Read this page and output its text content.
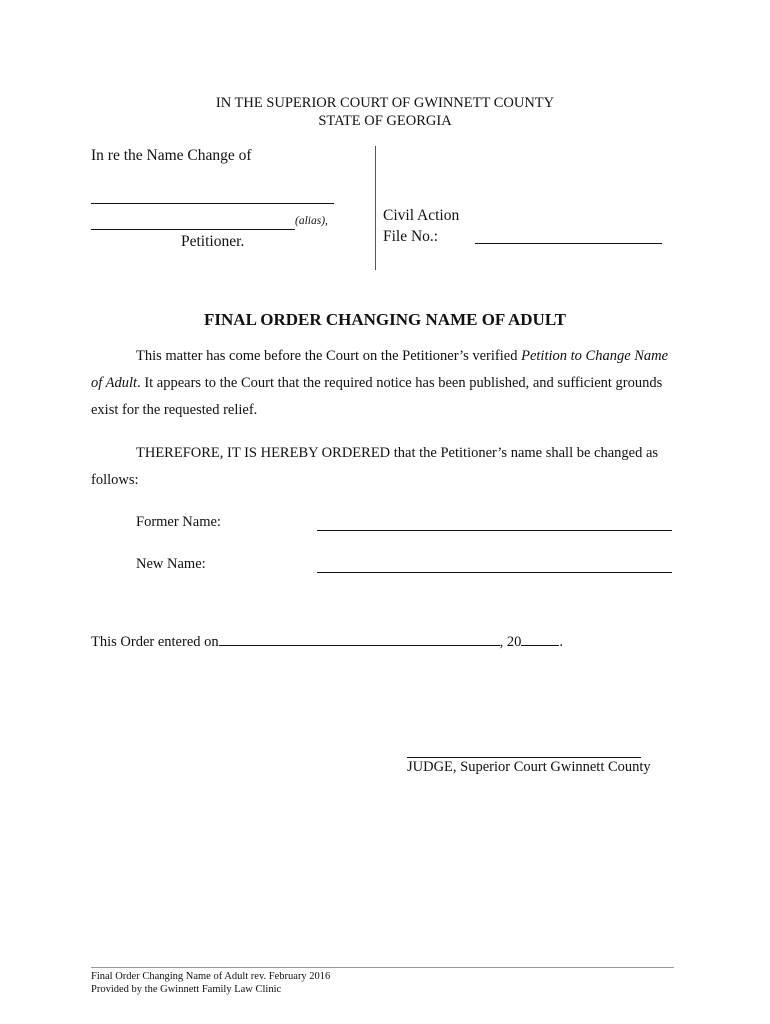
IN THE SUPERIOR COURT OF GWINNETT COUNTY
STATE OF GEORGIA
In re the Name Change of
(alias),
Petitioner.
Civil Action
File No.:
FINAL ORDER CHANGING NAME OF ADULT
This matter has come before the Court on the Petitioner’s verified Petition to Change Name of Adult. It appears to the Court that the required notice has been published, and sufficient grounds exist for the requested relief.
THEREFORE, IT IS HEREBY ORDERED that the Petitioner’s name shall be changed as follows:
Former Name:
New Name:
This Order entered on	, 20	.
JUDGE, Superior Court Gwinnett County
Final Order Changing Name of Adult rev. February 2016
Provided by the Gwinnett Family Law Clinic
